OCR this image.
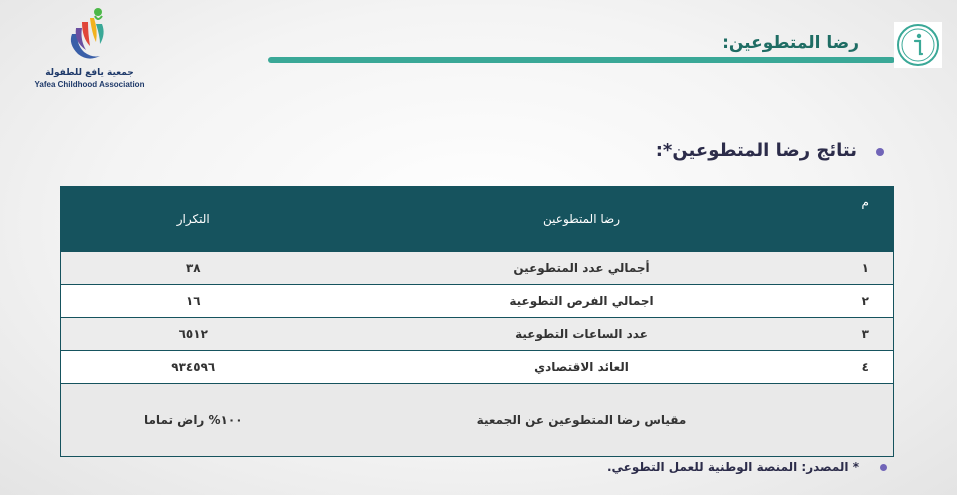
جمعية يافع للطفولة
Yafea Childhood Association
رضا المتطوعين:
نتائج رضا المتطوعين*:
التكرار	رضا المتطوعين	م
٣٨	أجمالي عدد المتطوعين	١
١٦	اجمالي الفرص التطوعية	٢
٦٥١٢	عدد الساعات التطوعية	٣
٩٣٤٥٩٦	العائد الاقتصادي	٤
١٠٠% راض تماما	مقياس رضا المتطوعين عن الجمعية	
* المصدر: المنصة الوطنية للعمل التطوعي.
